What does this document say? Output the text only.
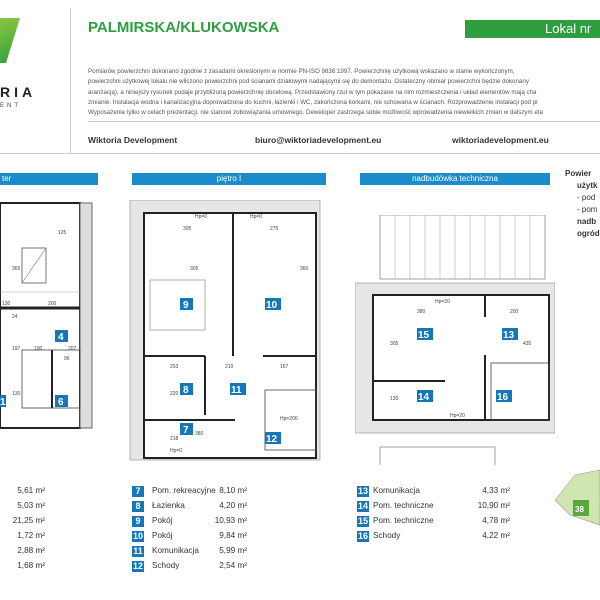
RIA
ENT
PALMIRSKA/KLUKOWSKA	Lokal nr
Pomiarów powierzchni dokonano zgodnie z zasadami określonymi w normie PN-ISO 9836:1997. Powierzchnię użytkową wskazano w stanie wykończonym,
powierzchni użytkowej lokalu nie wliczono powierzchni pod ścianami działowymi nadającymi się do demontażu. Ostateczny obmiar powierzchni będzie dokonany
aranżacją), a niniejszy rysunek podaje przybliżoną powierzchnię docelową. Przedstawiony rzut w tym pokazane na nim rozmieszczenia i układ elementów mają cha
zmianie. Instalacja wodna i kanalizacyjna doprowadzona do kuchni, łazienki i WC, zakończona korkami, nie schowana w ścianach. Rozprowadzenie instalacji pod pr
Wyposażenie tylko w celach prezentacji, nie stanowi zobowiązania umownego. Deweloper zastrzega sobie możliwość wprowadzenia niewielkich zmian w dalszym eta
Wiktoria Development	biuro@wiktoriadevelopment.eu	wiktoriadevelopment.eu
ter	piętro I	nadbudówka techniczna
Powier
użytk
- pod
- pom
nadb
ogród
125
365
130	200
24
197	100	207
96
130
4
6
1
Hp=0
305
Hp=0
275
360
305
203	210	167
220
218
380
Hp=0
Hp=200
9	10
8	11
7
12
Hp=20
380	200
305	435
130
Hp=20
15	13
14	16
5,61 m²
5,03 m²
21,25 m²
1,72 m²
2,88 m²
1,68 m²
7 Pom. rekreacyjne 8,10 m²
8 Łazienka	4,20 m²
9 Pokój	10,93 m²
10 Pokój	9,84 m²
11 Komunikacja	5,99 m²
12 Schody	2,54 m²
13 Komunikacja	4,33 m²
14 Pom. techniczne	10,90 m²
15 Pom. techniczne	4,78 m²
16 Schody	4,22 m²
38
